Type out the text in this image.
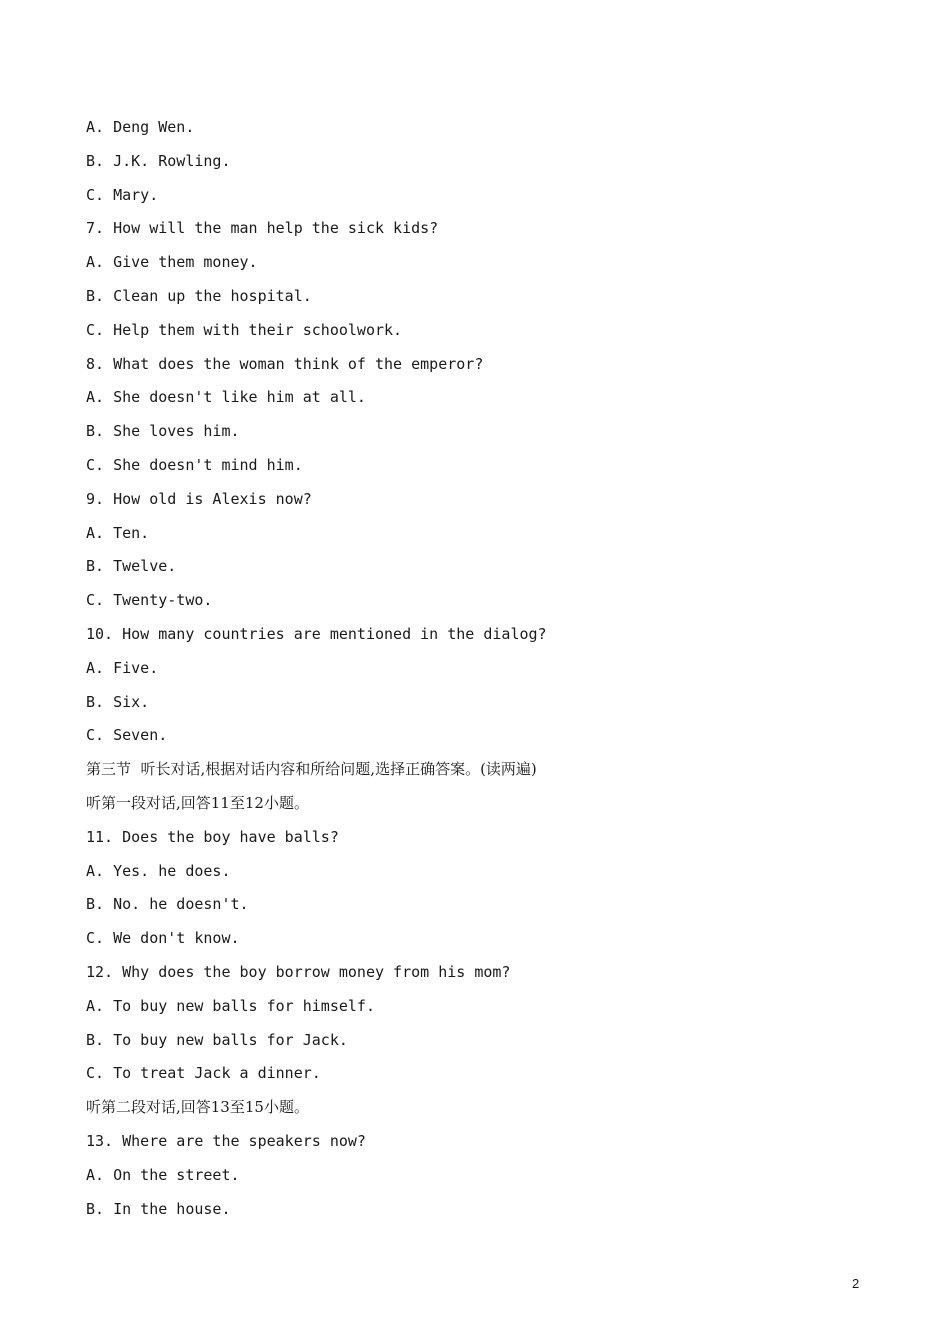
A. Deng Wen.
B. J.K. Rowling.
C. Mary.
7. How will the man help the sick kids?
A. Give them money.
B. Clean up the hospital.
C. Help them with their schoolwork.
8. What does the woman think of the emperor?
A. She doesn't like him at all.
B. She loves him.
C. She doesn't mind him.
9. How old is Alexis now?
A. Ten.
B. Twelve.
C. Twenty-two.
10. How many countries are mentioned in the dialog?
A. Five.
B. Six.
C. Seven.
第三节  听长对话,根据对话内容和所给问题,选择正确答案。(读两遍)
听第一段对话,回答11至12小题。
11. Does the boy have balls?
A. Yes. he does.
B. No. he doesn't.
C. We don't know.
12. Why does the boy borrow money from his mom?
A. To buy new balls for himself.
B. To buy new balls for Jack.
C. To treat Jack a dinner.
听第二段对话,回答13至15小题。
13. Where are the speakers now?
A. On the street.
B. In the house.
2
